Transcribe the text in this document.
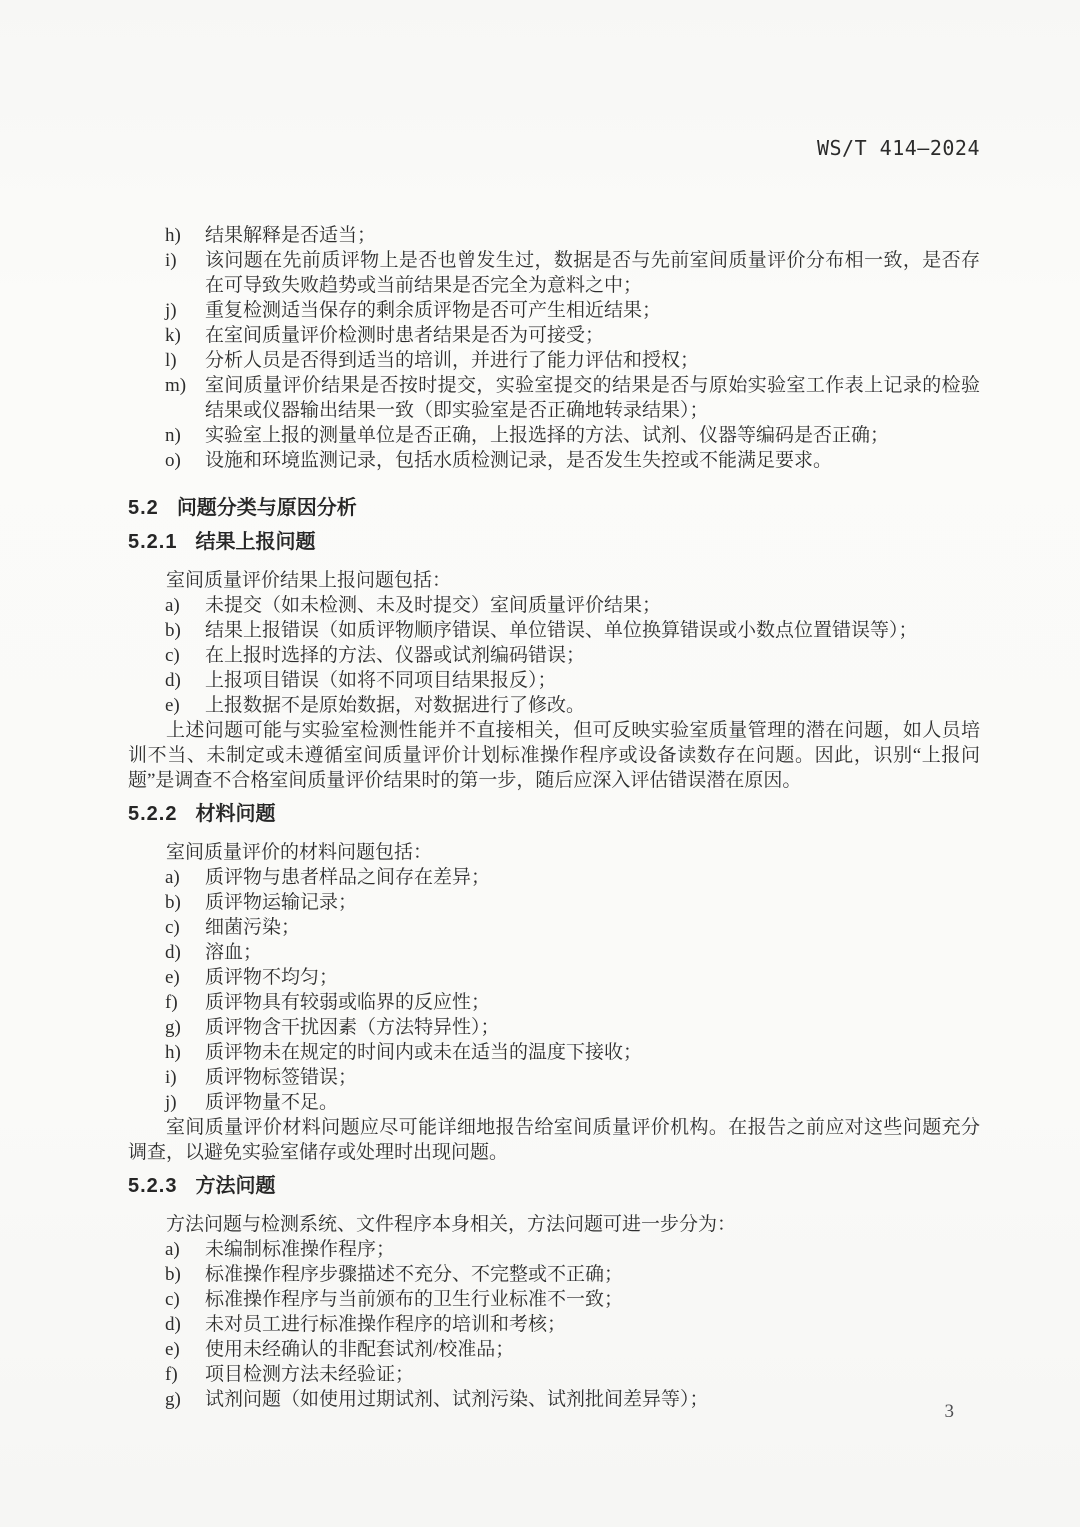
WS/T 414—2024
h)	结果解释是否适当；
i)	该问题在先前质评物上是否也曾发生过，数据是否与先前室间质量评价分布相一致，是否存在可导致失败趋势或当前结果是否完全为意料之中；
j)	重复检测适当保存的剩余质评物是否可产生相近结果；
k)	在室间质量评价检测时患者结果是否为可接受；
l)	分析人员是否得到适当的培训，并进行了能力评估和授权；
m) 室间质量评价结果是否按时提交，实验室提交的结果是否与原始实验室工作表上记录的检验结果或仪器输出结果一致（即实验室是否正确地转录结果）；
n)	实验室上报的测量单位是否正确，上报选择的方法、试剂、仪器等编码是否正确；
o)	设施和环境监测记录，包括水质检测记录，是否发生失控或不能满足要求。
5.2 问题分类与原因分析
5.2.1 结果上报问题

室间质量评价结果上报问题包括：

a)	未提交（如未检测、未及时提交）室间质量评价结果；
b)	结果上报错误（如质评物顺序错误、单位错误、单位换算错误或小数点位置错误等）；
c)	在上报时选择的方法、仪器或试剂编码错误；
d)	上报项目错误（如将不同项目结果报反）；
e)	上报数据不是原始数据，对数据进行了修改。

上述问题可能与实验室检测性能并不直接相关，但可反映实验室质量管理的潜在问题，如人员培训不当、未制定或未遵循室间质量评价计划标准操作程序或设备读数存在问题。因此，识别“上报问题”是调查不合格室间质量评价结果时的第一步，随后应深入评估错误潜在原因。

5.2.2 材料问题

室间质量评价的材料问题包括：

a)	质评物与患者样品之间存在差异；
b)	质评物运输记录；
c)	细菌污染；
d)	溶血；
e)	质评物不均匀；
f)	质评物具有较弱或临界的反应性；
g)	质评物含干扰因素（方法特异性）；
h)	质评物未在规定的时间内或未在适当的温度下接收；
i)	质评物标签错误；
j)	质评物量不足。

室间质量评价材料问题应尽可能详细地报告给室间质量评价机构。在报告之前应对这些问题充分调查，以避免实验室储存或处理时出现问题。

5.2.3 方法问题

方法问题与检测系统、文件程序本身相关，方法问题可进一步分为：

a)	未编制标准操作程序；
b)	标准操作程序步骤描述不充分、不完整或不正确；
c)	标准操作程序与当前颁布的卫生行业标准不一致；
d)	未对员工进行标准操作程序的培训和考核；
e)	使用未经确认的非配套试剂/校准品；
f)	项目检测方法未经验证；
g)	试剂问题（如使用过期试剂、试剂污染、试剂批间差异等）；
3
